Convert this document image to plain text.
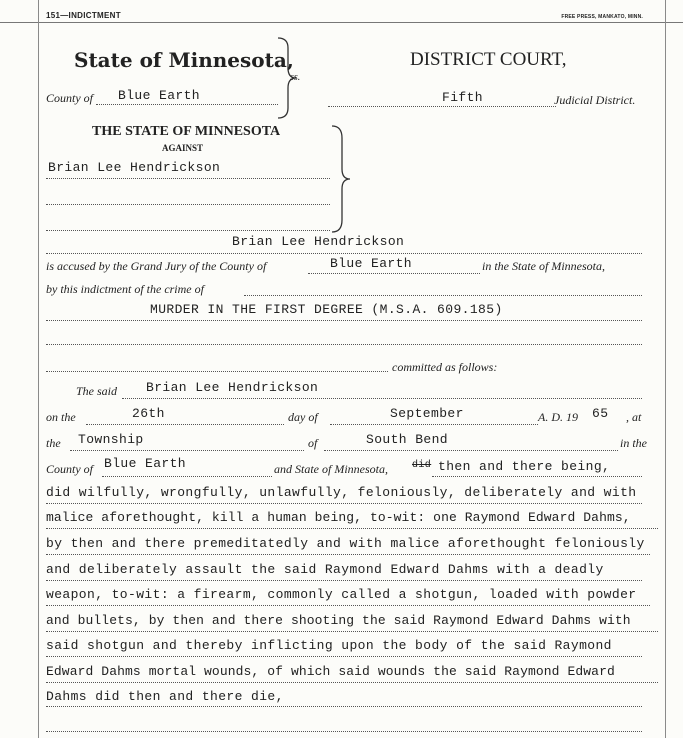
151—INDICTMENT	FREE PRESS, MANKATO, MINN.
State of Minnesota,
ss.
DISTRICT COURT,
County of Blue Earth	Fifth	Judicial District.
THE STATE OF MINNESOTA
AGAINST
Brian Lee Hendrickson
Brian Lee Hendrickson
is accused by the Grand Jury of the County of	Blue Earth	in the State of Minnesota,
by this indictment of the crime of
MURDER IN THE FIRST DEGREE (M.S.A. 609.185)
committed as follows:
The said Brian Lee Hendrickson
on the	26th	day of	September	A. D. 19 65 , at
the Township	of	South Bend	in the
County of Blue Earth	and State of Minnesota, did then and there being,
did wilfully, wrongfully, unlawfully, feloniously, deliberately and with
malice aforethought, kill a human being, to-wit: one Raymond Edward Dahms,
by then and there premeditatedly and with malice aforethought feloniously
and deliberately assault the said Raymond Edward Dahms with a deadly
weapon, to-wit: a firearm, commonly called a shotgun, loaded with powder
and bullets, by then and there shooting the said Raymond Edward Dahms with
said shotgun and thereby inflicting upon the body of the said Raymond
Edward Dahms mortal wounds, of which said wounds the said Raymond Edward
Dahms did then and there die,
